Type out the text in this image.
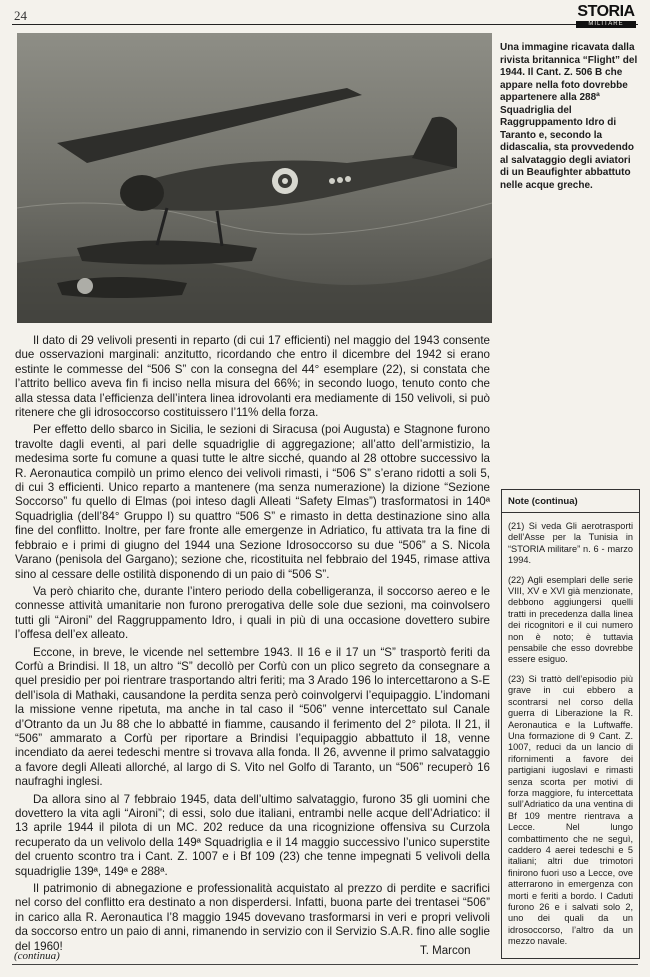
24	STORIA
MILITARE
Una immagine ricavata dalla rivista britannica “Flight” del 1944. Il Cant. Z. 506 B che appare nella foto dovrebbe appartenere alla 288ª Squadriglia del Raggruppamento Idro di Taranto e, secondo la didascalia, sta provvedendo al salvataggio degli aviatori di un Beaufighter abbattuto nelle acque greche.

Il dato di 29 velivoli presenti in reparto (di cui 17 efficienti) nel maggio del 1943 consente due osservazioni marginali: anzitutto, ricordando che entro il dicembre del 1942 si erano estinte le commesse del “506 S” con la consegna del 44° esemplare (22), si constata che l’attrito bellico aveva fin fi inciso nella misura del 66%; in secondo luogo, tenuto conto che alla stessa data l’efficienza dell’intera linea idrovolanti era mediamente di 150 velivoli, si può ritenere che gli idrosoccorso costituissero l’11% della forza.

Per effetto dello sbarco in Sicilia, le sezioni di Siracusa (poi Augusta) e Stagnone furono travolte dagli eventi, al pari delle squadriglie di aggregazione; all’atto dell’armistizio, la medesima sorte fu comune a quasi tutte le altre sicché, quando al 28 ottobre successivo la R. Aeronautica compilò un primo elenco dei velivoli rimasti, i “506 S” s’erano ridotti a soli 5, di cui 3 efficienti. Unico reparto a mantenere (ma senza numerazione) la dizione “Sezione Soccorso” fu quello di Elmas (poi inteso dagli Alleati “Safety Elmas”) trasformatosi in 140ª Squadriglia (dell’84° Gruppo I) su quattro “506 S” e rimasto in detta destinazione sino alla fine del conflitto. Inoltre, per fare fronte alle emergenze in Adriatico, fu attivata tra la fine di febbraio e i primi di giugno del 1944 una Sezione Idrosoccorso su due “506” a S. Nicola Varano (penisola del Gargano); sezione che, ricostituita nel febbraio del 1945, rimase attiva sino al cessare delle ostilità disponendo di un paio di “506 S”.

Va però chiarito che, durante l’intero periodo della cobelligeranza, il soccorso aereo e le connesse attività umanitarie non furono prerogativa delle sole due sezioni, ma coinvolsero tutti gli “Aironi” del Raggruppamento Idro, i quali in più di una occasione dovettero subire l’offesa dell’ex alleato.

Eccone, in breve, le vicende nel settembre 1943. Il 16 e il 17 un “S” trasportò feriti da Corfù a Brindisi. Il 18, un altro “S” decollò per Corfù con un plico segreto da consegnare a quel presidio per poi rientrare trasportando altri feriti; ma 3 Arado 196 lo intercettarono a S-E dell’isola di Mathaki, causandone la perdita senza però coinvolgervi l’equipaggio. L’indomani la missione venne ripetuta, ma anche in tal caso il “506” venne intercettato sul Canale d’Otranto da un Ju 88 che lo abbatté in fiamme, causando il ferimento del 2° pilota. Il 21, il “506” ammarato a Corfù per riportare a Brindisi l’equipaggio abbattuto il 18, venne incendiato da aerei tedeschi mentre si trovava alla fonda. Il 26, avvenne il primo salvataggio a favore degli Alleati allorché, al largo di S. Vito nel Golfo di Taranto, un “506” recuperò 16 naufraghi inglesi.

Da allora sino al 7 febbraio 1945, data dell’ultimo salvataggio, furono 35 gli uomini che dovettero la vita agli “Aironi”; di essi, solo due italiani, entrambi nelle acque dell’Adriatico: il 13 aprile 1944 il pilota di un MC. 202 reduce da una ricognizione offensiva su Curzola recuperato da un velivolo della 149ª Squadriglia e il 14 maggio successivo l’unico superstite del cruento scontro tra i Cant. Z. 1007 e i Bf 109 (23) che tenne impegnati 5 velivoli della squadriglie 139ª, 149ª e 288ª.

Il patrimonio di abnegazione e professionalità acquistato al prezzo di perdite e sacrifici nel corso del conflitto era destinato a non disperdersi. Infatti, buona parte dei trentasei “506” in carico alla R. Aeronautica l’8 maggio 1945 dovevano trasformarsi in veri e propri velivoli da soccorso entro un paio di anni, rimanendo in servizio con il Servizio S.A.R. fino alle soglie del 1960!

Note (continua)

(21) Si veda Gli aerotrasporti dell’Asse per la Tunisia in “STORIA militare” n. 6 - marzo 1994.

(22) Agli esemplari delle serie VIII, XV e XVI già menzionate, debbono aggiungersi quelli tratti in precedenza dalla linea dei ricognitori e il cui numero non è noto; è tuttavia pensabile che esso dovrebbe essere esiguo.

(23) Si trattò dell’episodio più grave in cui ebbero a scontrarsi nel corso della guerra di Liberazione la R. Aeronautica e la Luftwaffe. Una formazione di 9 Cant. Z. 1007, reduci da un lancio di rifornimenti a favore dei partigiani iugoslavi e rimasti senza scorta per motivi di forza maggiore, fu intercettata sull’Adriatico da una ventina di Bf 109 mentre rientrava a Lecce. Nel lungo combattimento che ne seguì, caddero 4 aerei tedeschi e 5 italiani; altri due trimotori finirono fuori uso a Lecce, ove atterrarono in emergenza con morti e feriti a bordo. I Caduti furono 26 e i salvati solo 2, uno dei quali da un idrosoccorso, l’altro da un mezzo navale.

(continua)	T. Marcon
